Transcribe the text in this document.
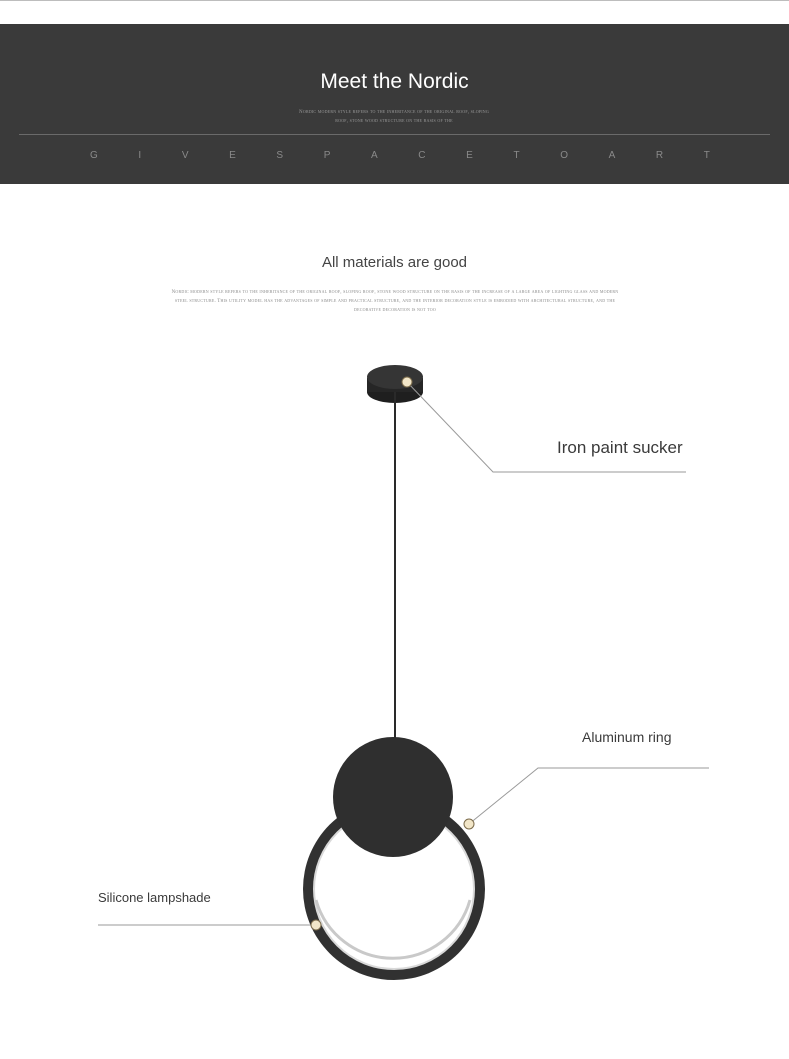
Meet the Nordic
Nordic modern style refers to the inheritance of the original roof, sloping roof, stone wood structure on the basis of the
G	I	V	E	S	P	A	C	E	T	O	A	R	T
All materials are good
Nordic modern style refers to the inheritance of the original roof, sloping roof, stone wood structure on the basis of the increase of a large area of lighting glass and modern steel structure. This utility model has the advantages of simple and practical structure, and the interior decoration style is embodied with architectural structure, and the decorative decoration is not too
Iron paint sucker
Aluminum ring
Silicone lampshade
